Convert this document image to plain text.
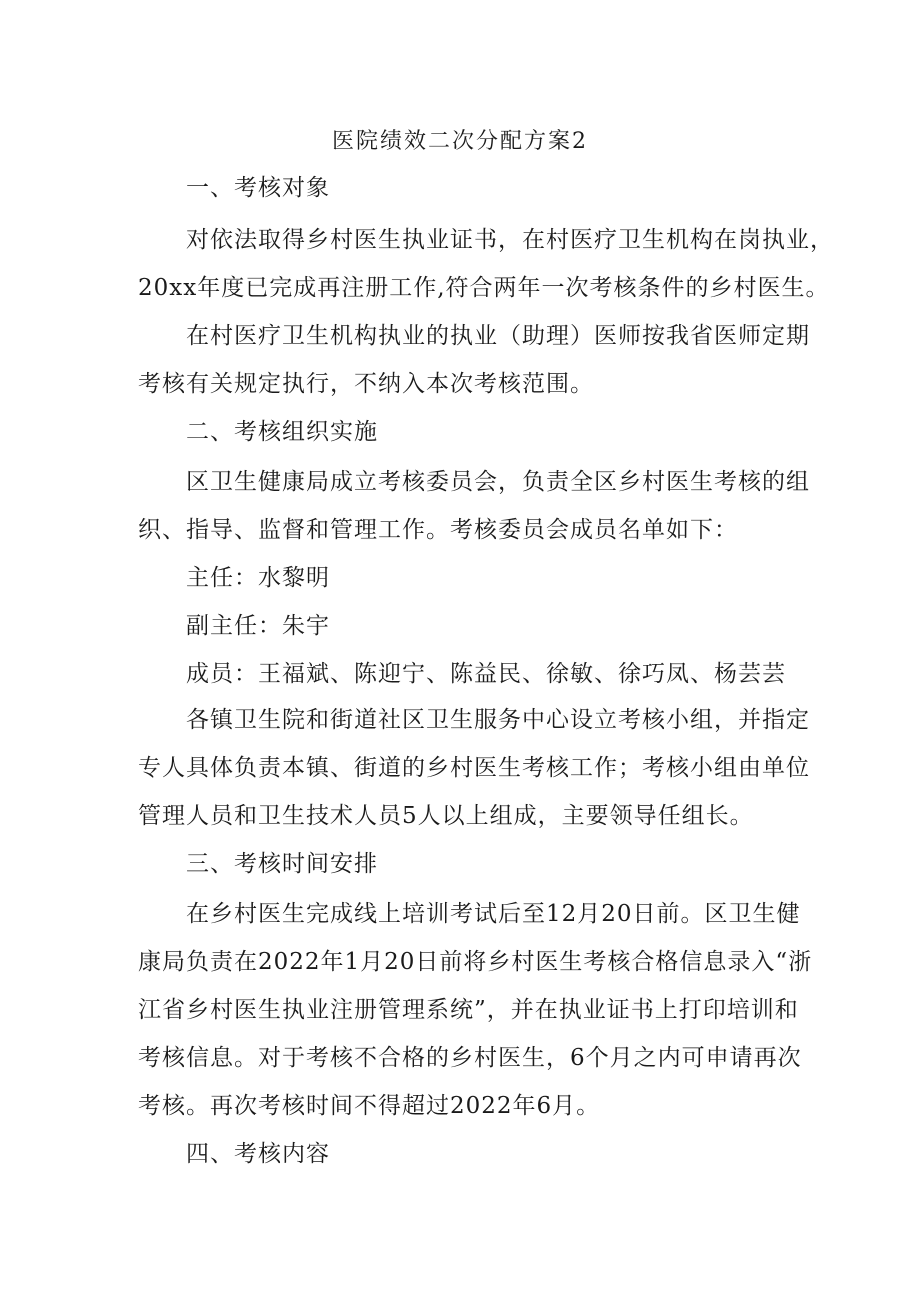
医院绩效二次分配方案2
一、考核对象
对依法取得乡村医生执业证书，在村医疗卫生机构在岗执业，
20xx年度已完成再注册工作,符合两年一次考核条件的乡村医生。
在村医疗卫生机构执业的执业（助理）医师按我省医师定期
考核有关规定执行，不纳入本次考核范围。
二、考核组织实施
区卫生健康局成立考核委员会，负责全区乡村医生考核的组
织、指导、监督和管理工作。考核委员会成员名单如下：
主任：水黎明
副主任：朱宇
成员：王福斌、陈迎宁、陈益民、徐敏、徐巧凤、杨芸芸
各镇卫生院和街道社区卫生服务中心设立考核小组，并指定
专人具体负责本镇、街道的乡村医生考核工作；考核小组由单位
管理人员和卫生技术人员5人以上组成，主要领导任组长。
三、考核时间安排
在乡村医生完成线上培训考试后至12月20日前。区卫生健
康局负责在2022年1月20日前将乡村医生考核合格信息录入“浙
江省乡村医生执业注册管理系统”，并在执业证书上打印培训和
考核信息。对于考核不合格的乡村医生，6个月之内可申请再次
考核。再次考核时间不得超过2022年6月。
四、考核内容
